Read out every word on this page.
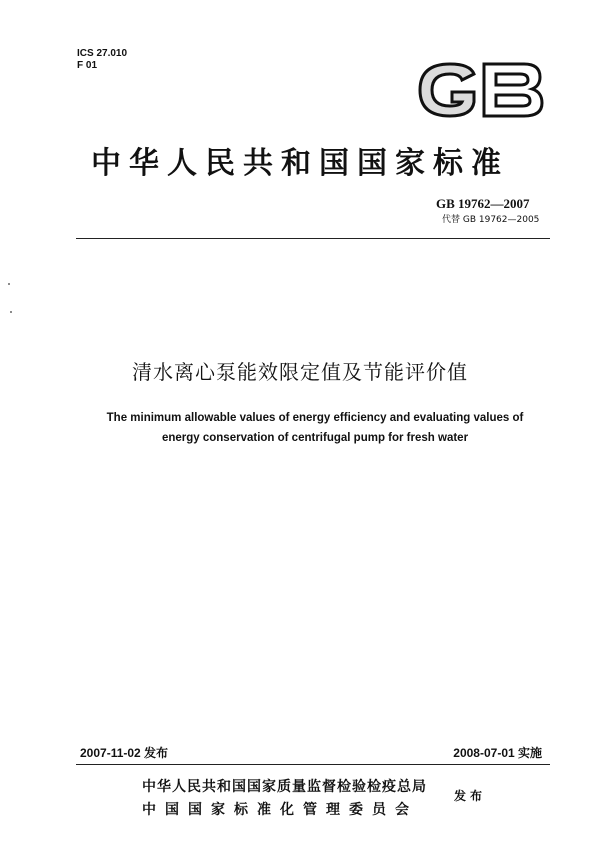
ICS 27.010
F 01
中华人民共和国国家标准
GB 19762—2007
代替 GB 19762—2005
清水离心泵能效限定值及节能评价值
The minimum allowable values of energy efficiency and evaluating values of
energy conservation of centrifugal pump for fresh water
2007-11-02 发布	2008-07-01 实施
中华人民共和国国家质量监督检验检疫总局
中国国家标准化管理委员会
发布
